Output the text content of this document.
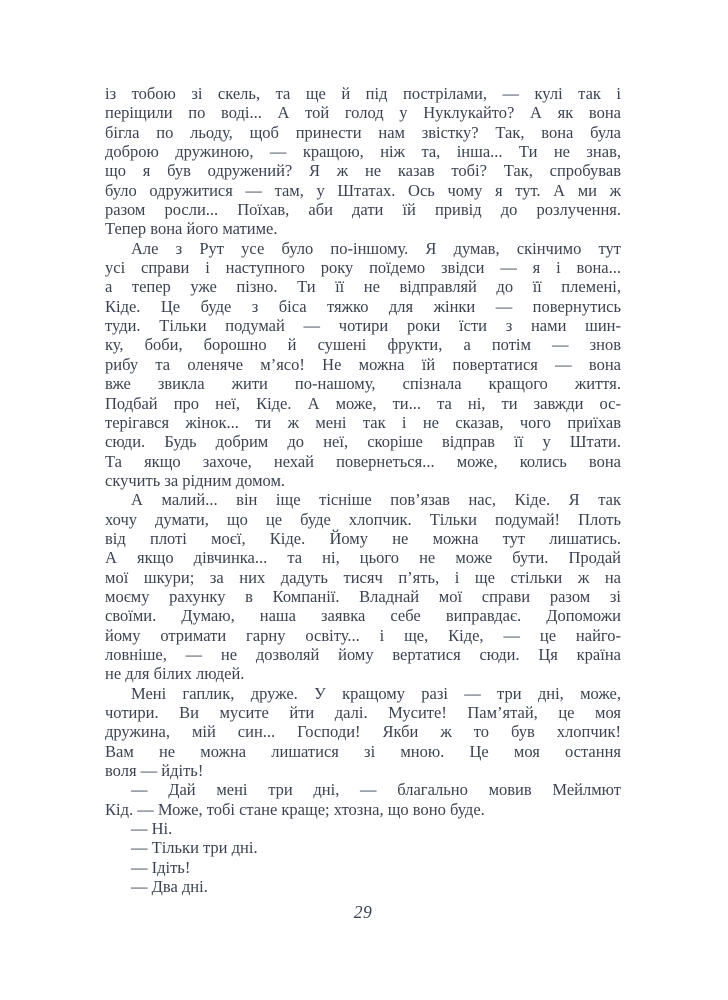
із тобою зі скель, та ще й під пострілами, — кулі так і
періщили по воді... А той голод у Нуклукайто? А як вона
бігла по льоду, щоб принести нам звістку? Так, вона була
доброю дружиною, — кращою, ніж та, інша... Ти не знав,
що я був одружений? Я ж не казав тобі? Так, спробував
було одружитися — там, у Штатах. Ось чому я тут. А ми ж
разом росли... Поїхав, аби дати їй привід до розлучення.
Тепер вона його матиме.
Але з Рут усе було по-іншому. Я думав, скінчимо тут
усі справи і наступного року поїдемо звідси — я і вона...
а тепер уже пізно. Ти її не відправляй до її племені,
Кіде. Це буде з біса тяжко для жінки — повернутись
туди. Тільки подумай — чотири роки їсти з нами шин-
ку, боби, борошно й сушені фрукти, а потім — знов
рибу та оленяче м’ясо! Не можна їй повертатися — вона
вже звикла жити по-нашому, спізнала кращого життя.
Подбай про неї, Кіде. А може, ти... та ні, ти завжди ос-
терігався жінок... ти ж мені так і не сказав, чого приїхав
сюди. Будь добрим до неї, скоріше відправ її у Штати.
Та якщо захоче, нехай повернеться... може, колись вона
скучить за рідним домом.
А малий... він іще тісніше пов’язав нас, Кіде. Я так
хочу думати, що це буде хлопчик. Тільки подумай! Плоть
від плоті моєї, Кіде. Йому не можна тут лишатись.
А якщо дівчинка... та ні, цього не може бути. Продай
мої шкури; за них дадуть тисяч п’ять, і ще стільки ж на
моєму рахунку в Компанії. Владнай мої справи разом зі
своїми. Думаю, наша заявка себе виправдає. Допоможи
йому отримати гарну освіту... і ще, Кіде, — це найго-
ловніше, — не дозволяй йому вертатися сюди. Ця країна
не для білих людей.
Мені гаплик, друже. У кращому разі — три дні, може,
чотири. Ви мусите йти далі. Мусите! Пам’ятай, це моя
дружина, мій син... Господи! Якби ж то був хлопчик!
Вам не можна лишатися зі мною. Це моя остання
воля — йдіть!
— Дай мені три дні, — благально мовив Мейлмют
Кід. — Може, тобі стане краще; хтозна, що воно буде.
— Ні.
— Тільки три дні.
— Ідіть!
— Два дні.
29
